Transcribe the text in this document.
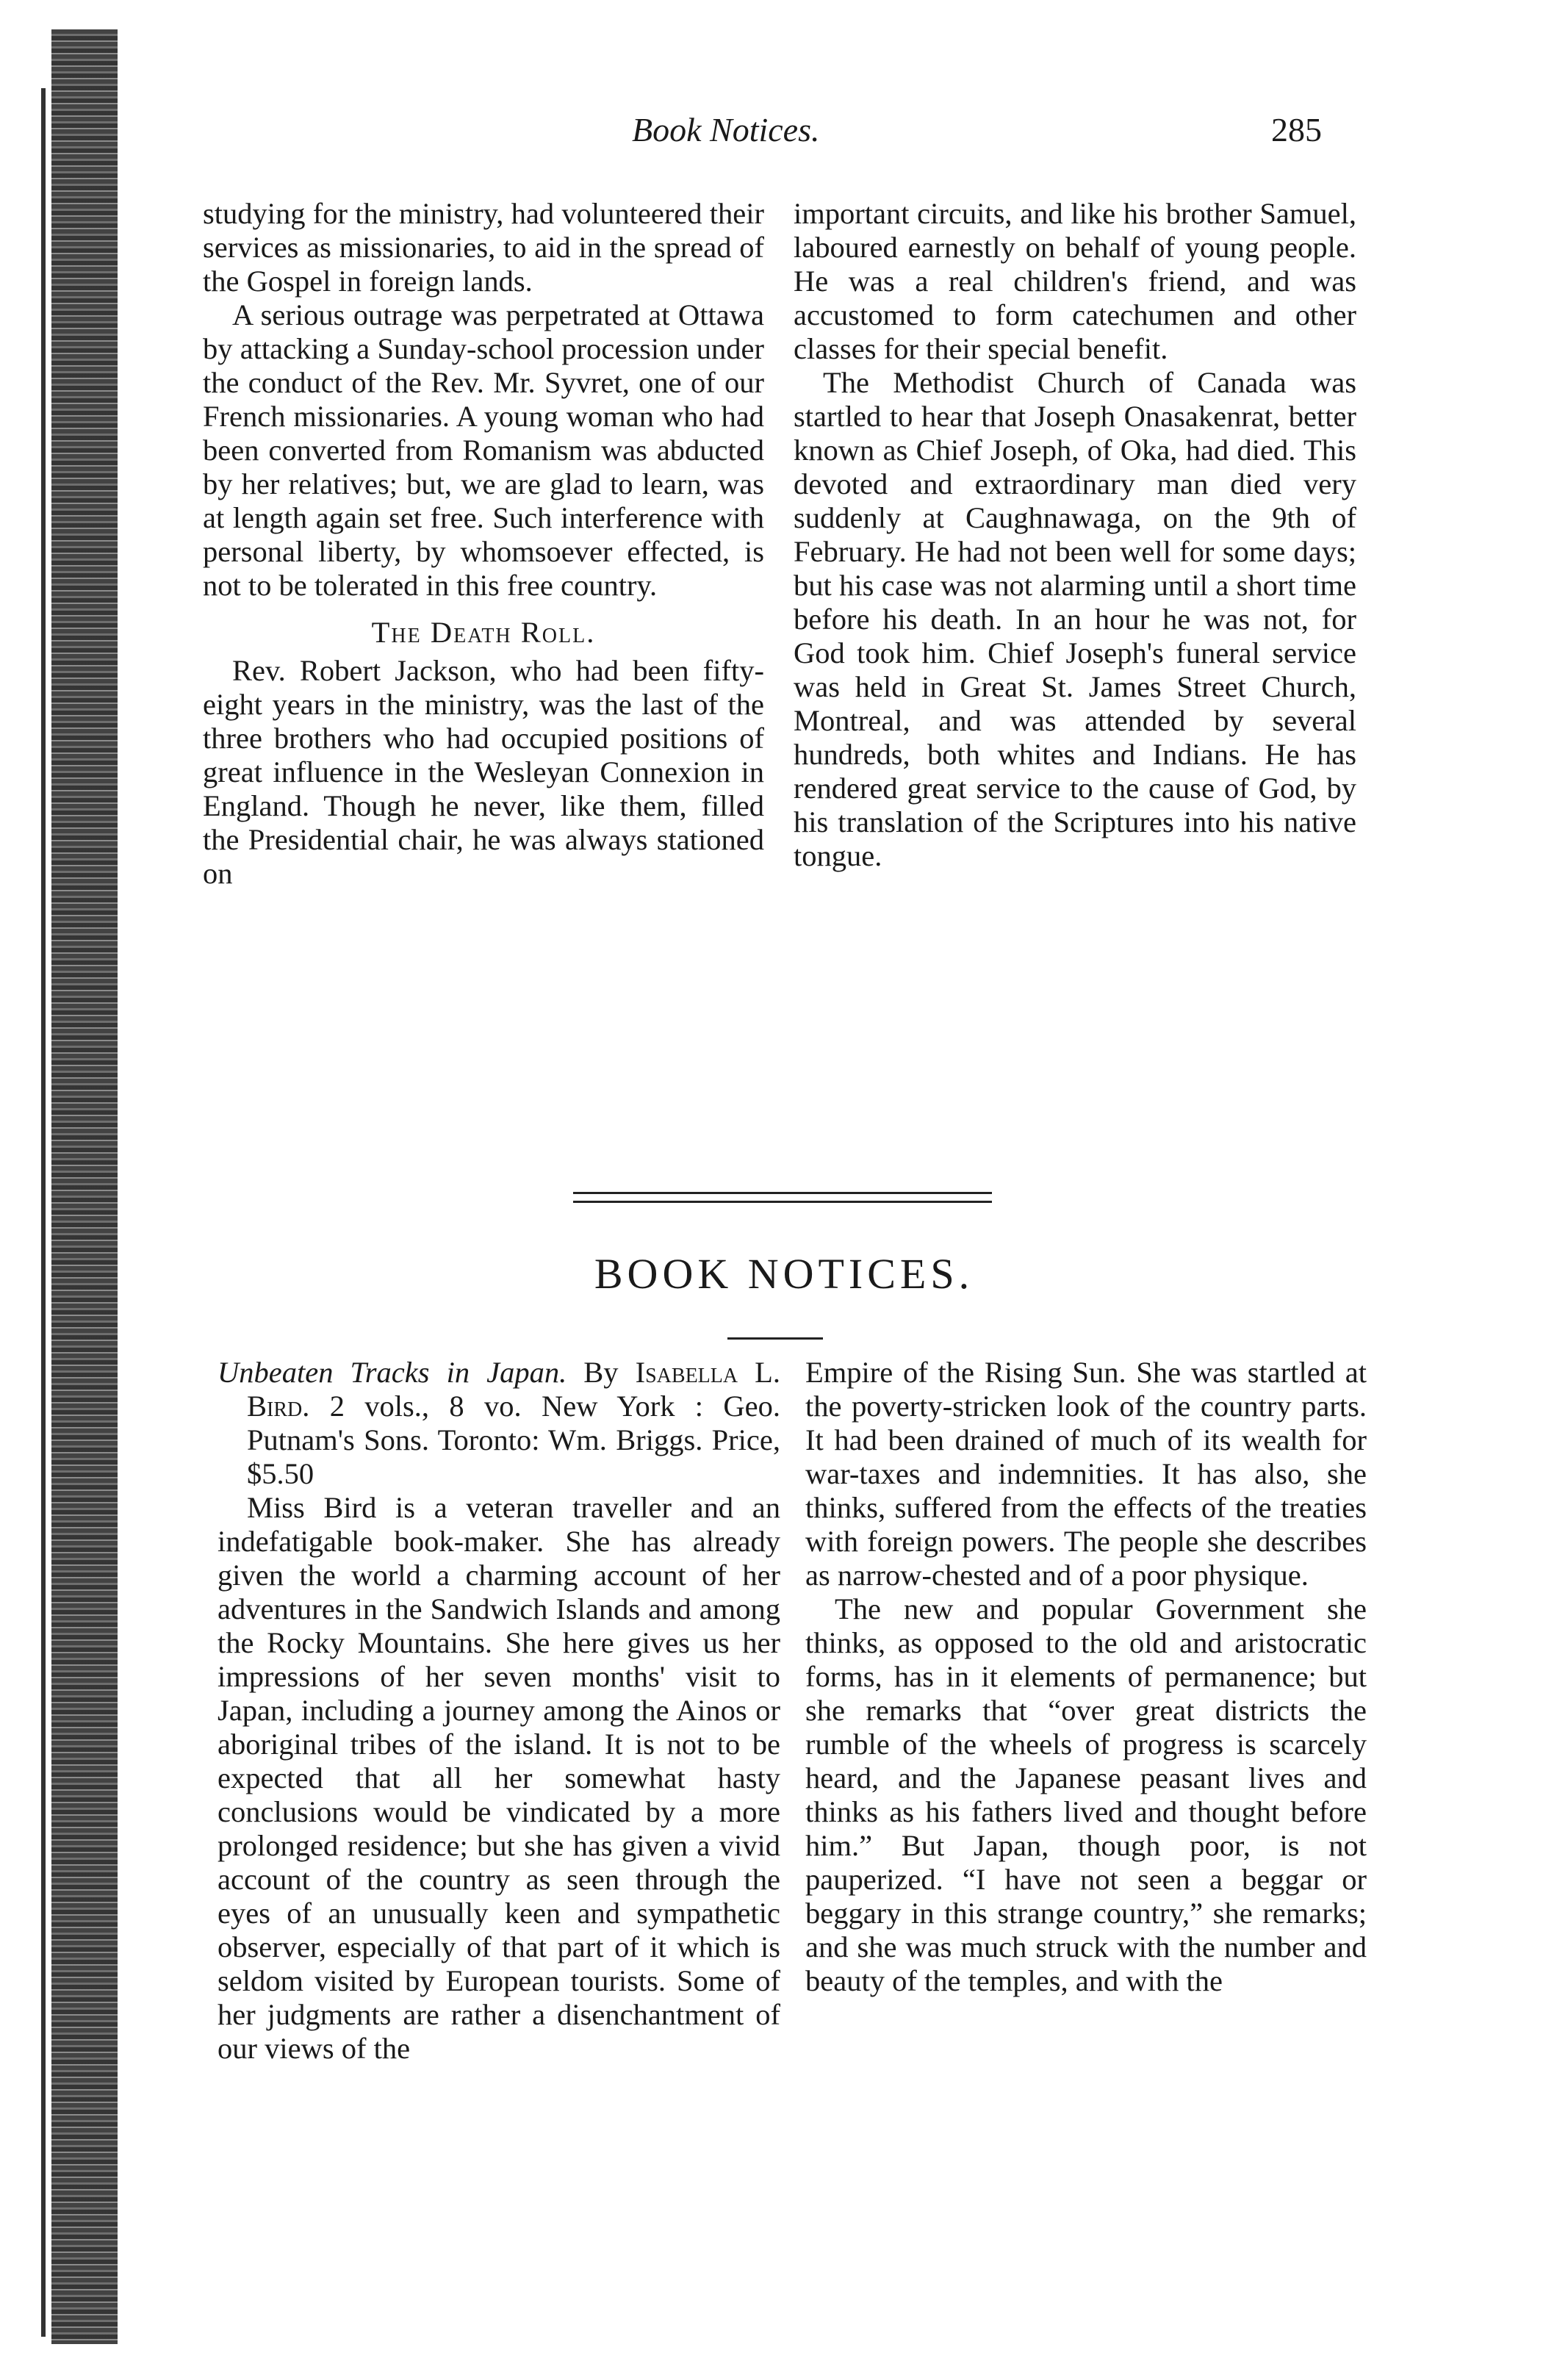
Book Notices.	285

studying for the ministry, had volunteered their services as missionaries, to aid in the spread of the Gospel in foreign lands.

A serious outrage was perpetrated at Ottawa by attacking a Sunday-school procession under the conduct of the Rev. Mr. Syvret, one of our French missionaries. A young woman who had been converted from Romanism was abducted by her relatives; but, we are glad to learn, was at length again set free. Such interference with personal liberty, by whomsoever effected, is not to be tolerated in this free country.

The Death Roll.

Rev. Robert Jackson, who had been fifty-eight years in the ministry, was the last of the three brothers who had occupied positions of great influence in the Wesleyan Connexion in England. Though he never, like them, filled the Presidential chair, he was always stationed on

important circuits, and like his brother Samuel, laboured earnestly on behalf of young people. He was a real children's friend, and was accustomed to form catechumen and other classes for their special benefit.

The Methodist Church of Canada was startled to hear that Joseph Onasakenrat, better known as Chief Joseph, of Oka, had died. This devoted and extraordinary man died very suddenly at Caughnawaga, on the 9th of February. He had not been well for some days; but his case was not alarming until a short time before his death. In an hour he was not, for God took him. Chief Joseph's funeral service was held in Great St. James Street Church, Montreal, and was attended by several hundreds, both whites and Indians. He has rendered great service to the cause of God, by his translation of the Scriptures into his native tongue.

BOOK NOTICES.

Unbeaten Tracks in Japan. By Isabella L. Bird. 2 vols., 8 vo. New York : Geo. Putnam's Sons. Toronto: Wm. Briggs. Price, $5.50

Miss Bird is a veteran traveller and an indefatigable book-maker. She has already given the world a charming account of her adventures in the Sandwich Islands and among the Rocky Mountains. She here gives us her impressions of her seven months' visit to Japan, including a journey among the Ainos or aboriginal tribes of the island. It is not to be expected that all her somewhat hasty conclusions would be vindicated by a more prolonged residence; but she has given a vivid account of the country as seen through the eyes of an unusually keen and sympathetic observer, especially of that part of it which is seldom visited by European tourists. Some of her judgments are rather a disenchantment of our views of the

Empire of the Rising Sun. She was startled at the poverty-stricken look of the country parts. It had been drained of much of its wealth for war-taxes and indemnities. It has also, she thinks, suffered from the effects of the treaties with foreign powers. The people she describes as narrow-chested and of a poor physique.

The new and popular Government she thinks, as opposed to the old and aristocratic forms, has in it elements of permanence; but she remarks that “over great districts the rumble of the wheels of progress is scarcely heard, and the Japanese peasant lives and thinks as his fathers lived and thought before him.” But Japan, though poor, is not pauperized. “I have not seen a beggar or beggary in this strange country,” she remarks; and she was much struck with the number and beauty of the temples, and with the
